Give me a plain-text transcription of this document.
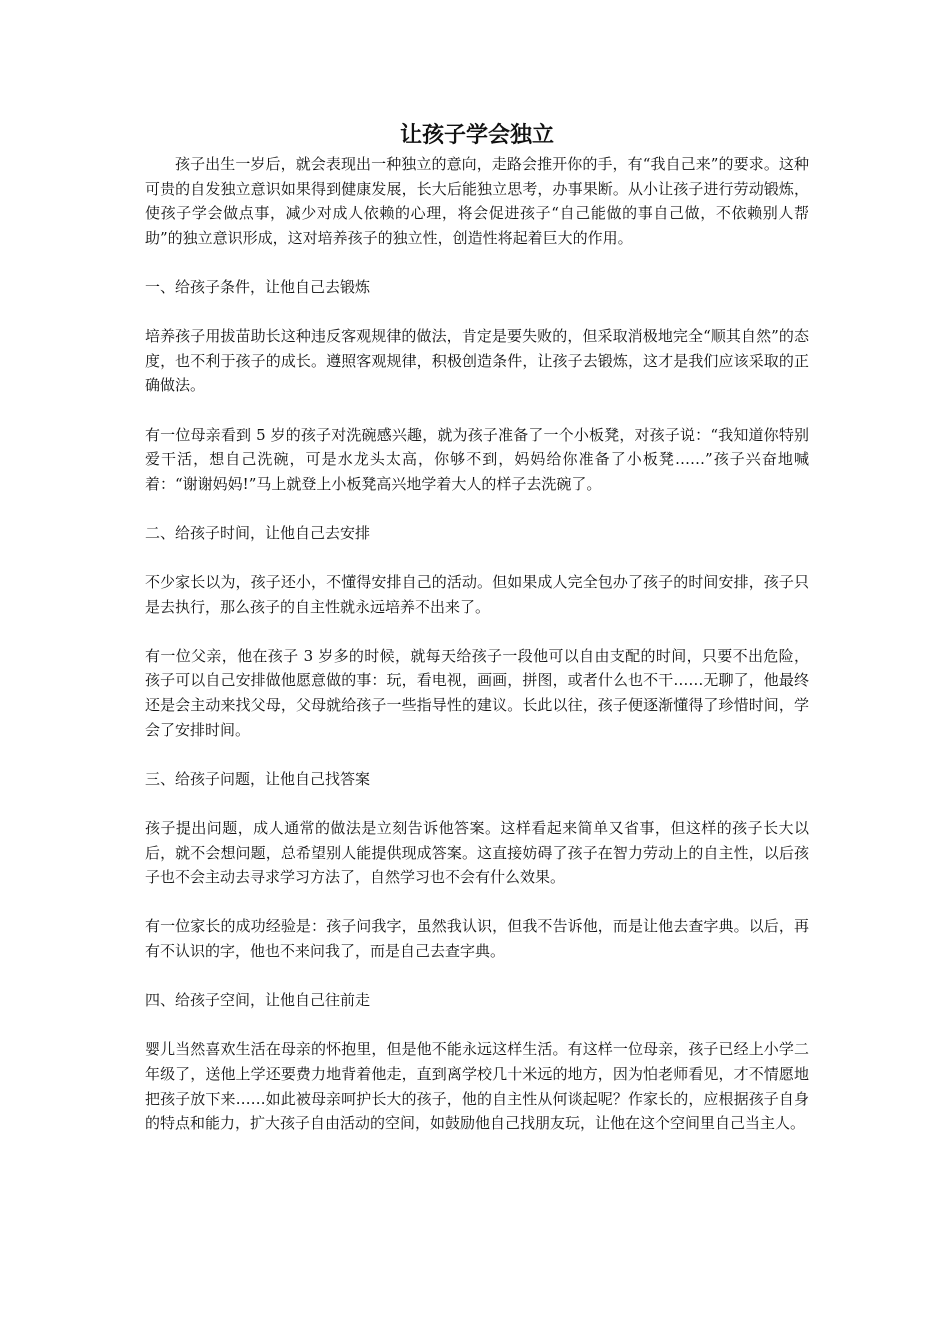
让孩子学会独立

孩子出生一岁后，就会表现出一种独立的意向，走路会推开你的手，有“我自己来”的要求。这种可贵的自发独立意识如果得到健康发展，长大后能独立思考，办事果断。从小让孩子进行劳动锻炼，使孩子学会做点事，减少对成人依赖的心理，将会促进孩子“自己能做的事自己做，不依赖别人帮助”的独立意识形成，这对培养孩子的独立性，创造性将起着巨大的作用。

一、给孩子条件，让他自己去锻炼

培养孩子用拔苗助长这种违反客观规律的做法，肯定是要失败的，但采取消极地完全“顺其自然”的态度，也不利于孩子的成长。遵照客观规律，积极创造条件，让孩子去锻炼，这才是我们应该采取的正确做法。

有一位母亲看到 5 岁的孩子对洗碗感兴趣，就为孩子准备了一个小板凳，对孩子说：“我知道你特别爱干活，想自己洗碗，可是水龙头太高，你够不到，妈妈给你准备了小板凳……”孩子兴奋地喊着：“谢谢妈妈!”马上就登上小板凳高兴地学着大人的样子去洗碗了。

二、给孩子时间，让他自己去安排

不少家长以为，孩子还小，不懂得安排自己的活动。但如果成人完全包办了孩子的时间安排，孩子只是去执行，那么孩子的自主性就永远培养不出来了。

有一位父亲，他在孩子 3 岁多的时候，就每天给孩子一段他可以自由支配的时间，只要不出危险，孩子可以自己安排做他愿意做的事：玩，看电视，画画，拼图，或者什么也不干……无聊了，他最终还是会主动来找父母，父母就给孩子一些指导性的建议。长此以往，孩子便逐渐懂得了珍惜时间，学会了安排时间。

三、给孩子问题，让他自己找答案

孩子提出问题，成人通常的做法是立刻告诉他答案。这样看起来简单又省事，但这样的孩子长大以后，就不会想问题，总希望别人能提供现成答案。这直接妨碍了孩子在智力劳动上的自主性，以后孩子也不会主动去寻求学习方法了，自然学习也不会有什么效果。

有一位家长的成功经验是：孩子问我字，虽然我认识，但我不告诉他，而是让他去查字典。以后，再有不认识的字，他也不来问我了，而是自己去查字典。

四、给孩子空间，让他自己往前走

婴儿当然喜欢生活在母亲的怀抱里，但是他不能永远这样生活。有这样一位母亲，孩子已经上小学二年级了，送他上学还要费力地背着他走，直到离学校几十米远的地方，因为怕老师看见，才不情愿地把孩子放下来……如此被母亲呵护长大的孩子，他的自主性从何谈起呢？作家长的，应根据孩子自身的特点和能力，扩大孩子自由活动的空间，如鼓励他自己找朋友玩，让他在这个空间里自己当主人。
